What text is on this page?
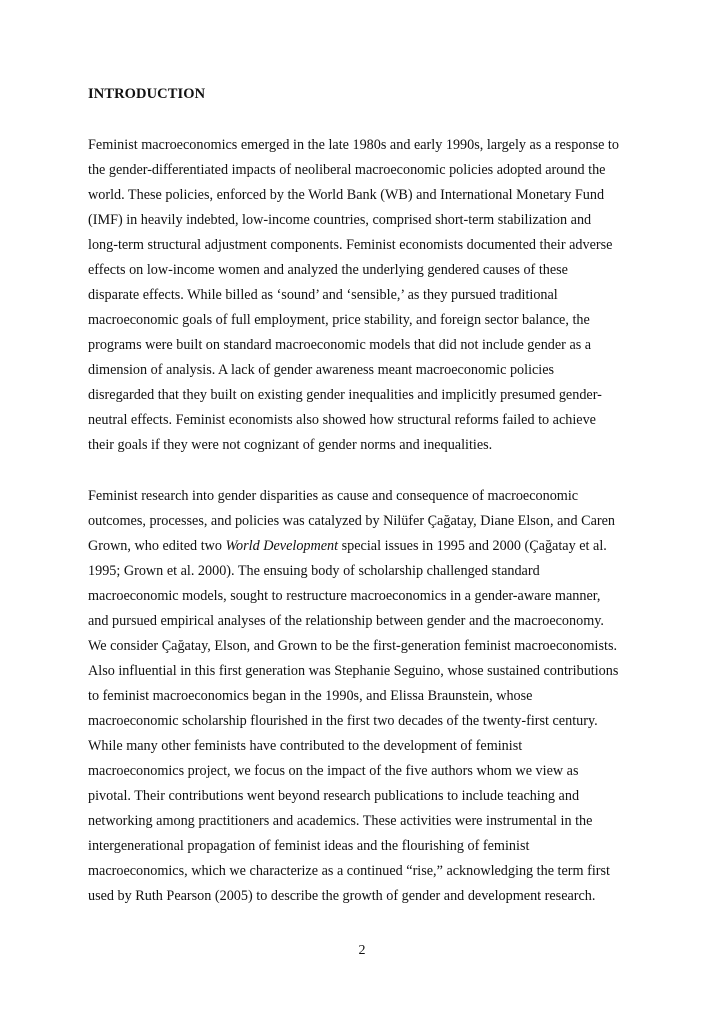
INTRODUCTION
Feminist macroeconomics emerged in the late 1980s and early 1990s, largely as a response to
the gender-differentiated impacts of neoliberal macroeconomic policies adopted around the
world. These policies, enforced by the World Bank (WB) and International Monetary Fund
(IMF) in heavily indebted, low-income countries, comprised short-term stabilization and
long-term structural adjustment components. Feminist economists documented their adverse
effects on low-income women and analyzed the underlying gendered causes of these
disparate effects. While billed as ‘sound’ and ‘sensible,’ as they pursued traditional
macroeconomic goals of full employment, price stability, and foreign sector balance, the
programs were built on standard macroeconomic models that did not include gender as a
dimension of analysis. A lack of gender awareness meant macroeconomic policies
disregarded that they built on existing gender inequalities and implicitly presumed gender-
neutral effects. Feminist economists also showed how structural reforms failed to achieve
their goals if they were not cognizant of gender norms and inequalities.
Feminist research into gender disparities as cause and consequence of macroeconomic
outcomes, processes, and policies was catalyzed by Nilüfer Çağatay, Diane Elson, and Caren
Grown, who edited two World Development special issues in 1995 and 2000 (Çağatay et al.
1995; Grown et al. 2000). The ensuing body of scholarship challenged standard
macroeconomic models, sought to restructure macroeconomics in a gender-aware manner,
and pursued empirical analyses of the relationship between gender and the macroeconomy.
We consider Çağatay, Elson, and Grown to be the first-generation feminist macroeconomists.
Also influential in this first generation was Stephanie Seguino, whose sustained contributions
to feminist macroeconomics began in the 1990s, and Elissa Braunstein, whose
macroeconomic scholarship flourished in the first two decades of the twenty-first century.
While many other feminists have contributed to the development of feminist
macroeconomics project, we focus on the impact of the five authors whom we view as
pivotal. Their contributions went beyond research publications to include teaching and
networking among practitioners and academics. These activities were instrumental in the
intergenerational propagation of feminist ideas and the flourishing of feminist
macroeconomics, which we characterize as a continued “rise,” acknowledging the term first
used by Ruth Pearson (2005) to describe the growth of gender and development research.
2
